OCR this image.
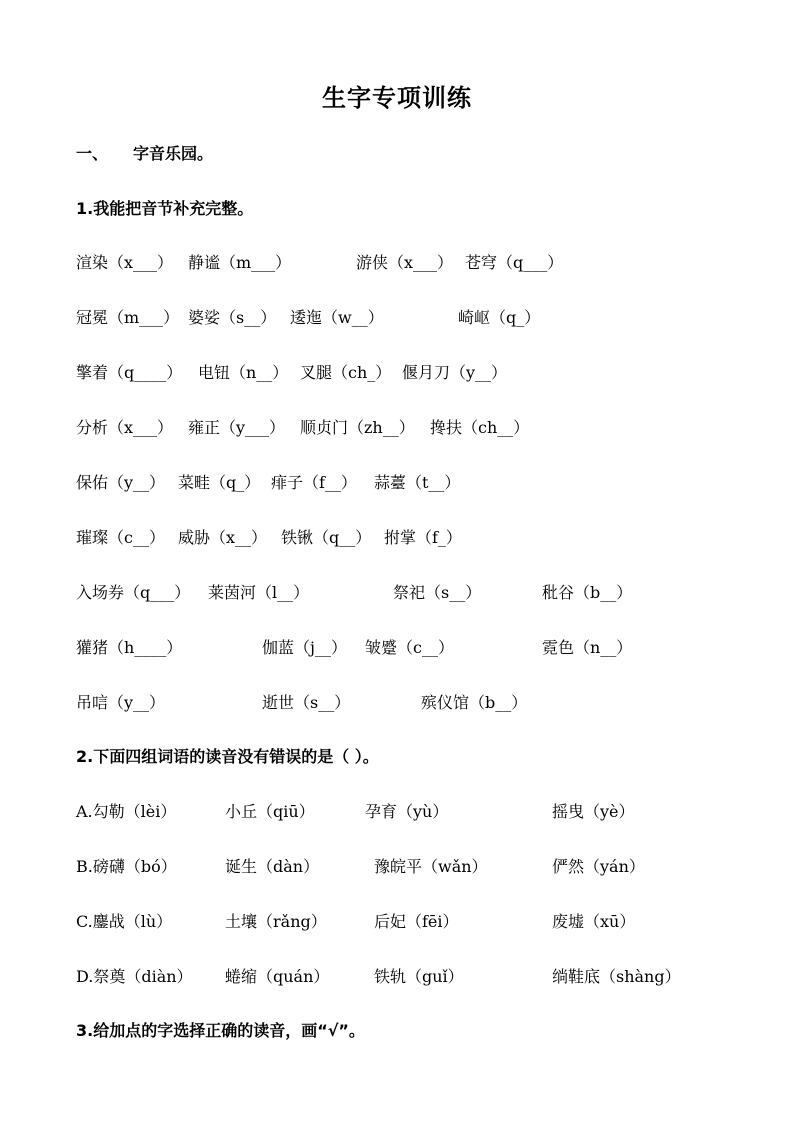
生字专项训练
一、 字音乐园。
1.我能把音节补充完整。
渲染（x___） 静谧（m___）	游侠（x___） 苍穹（q___）
冠冕（m___） 婆娑（s__） 逶迤（w__）	崎岖（q_）
擎着（q____） 电钮（n__） 叉腿（ch_） 偃月刀（y__）
分析（x___） 雍正（y___） 顺贞门（zh__） 搀扶（ch__）
保佑（y__） 菜畦（q_） 痱子（f__） 蒜薹（t__）
璀璨（c__） 威胁（x__） 铁锹（q__） 拊掌（f_）
入场券（q___） 莱茵河（l__）	祭祀（s__）	秕谷（b__）
獾猪（h____）	伽蓝（j__） 皱蹙（c__）	霓色（n__）
吊唁（y__）	逝世（s__）	殡仪馆（b__）
2.下面四组词语的读音没有错误的是（ ）。
A.勾勒（lèi）	小丘（qiū）	孕育（yù）	摇曳（yè）
B.磅礴（bó）	诞生（dàn）	豫皖平（wǎn）	俨然（yán）
C.鏖战（lù）	土壤（rǎng）	后妃（fēi）	废墟（xū）
D.祭奠（diàn） 蜷缩（quán）	铁轨（guǐ）	绱鞋底（shàng）
3.给加点的字选择正确的读音，画“√”。
